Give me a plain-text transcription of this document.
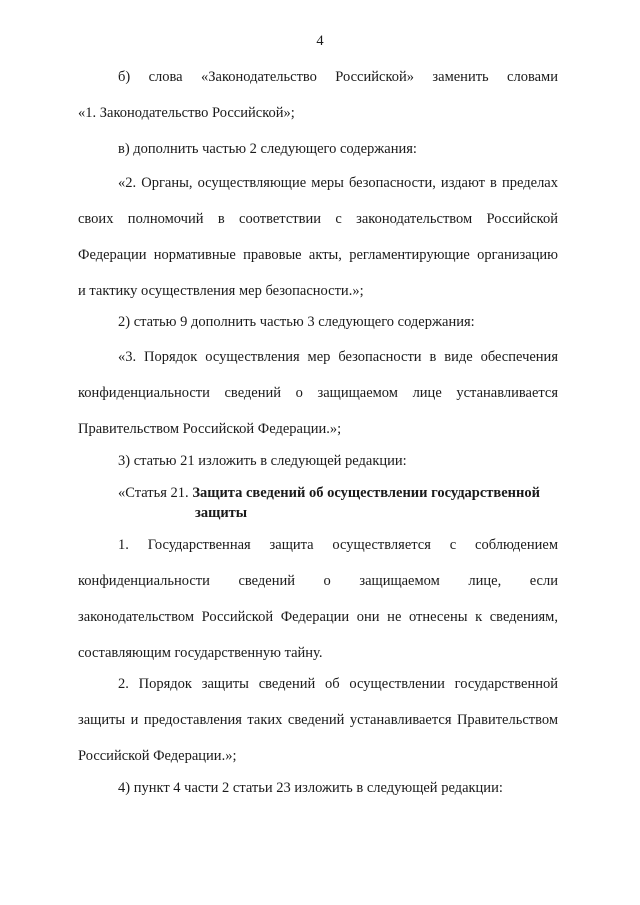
4
б) слова «Законодательство Российской» заменить словами
«1. Законодательство Российской»;
в) дополнить частью 2 следующего содержания:
«2. Органы, осуществляющие меры безопасности, издают в пределах
своих полномочий в соответствии с законодательством Российской
Федерации нормативные правовые акты, регламентирующие организацию
и тактику осуществления мер безопасности.»;
2) статью 9 дополнить частью 3 следующего содержания:
«3. Порядок осуществления мер безопасности в виде обеспечения
конфиденциальности сведений о защищаемом лице устанавливается
Правительством Российской Федерации.»;
3) статью 21 изложить в следующей редакции:
«Статья 21. Защита сведений об осуществлении государственной
защиты
1. Государственная защита осуществляется с соблюдением
конфиденциальности сведений о защищаемом лице, если
законодательством Российской Федерации они не отнесены к сведениям,
составляющим государственную тайну.
2. Порядок защиты сведений об осуществлении государственной
защиты и предоставления таких сведений устанавливается Правительством
Российской Федерации.»;
4) пункт 4 части 2 статьи 23 изложить в следующей редакции:
